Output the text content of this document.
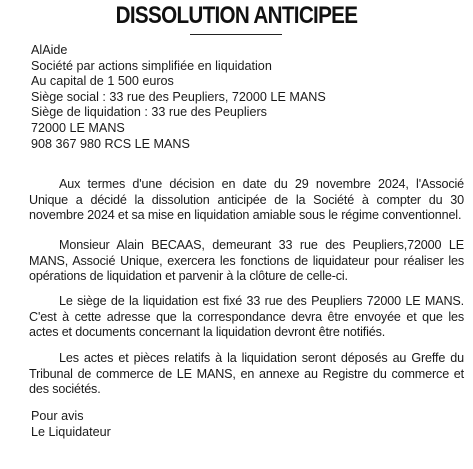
DISSOLUTION ANTICIPEE
AlAide
Société par actions simplifiée en liquidation
Au capital de 1 500 euros
Siège social : 33 rue des Peupliers, 72000 LE MANS
Siège de liquidation : 33 rue des Peupliers
72000 LE MANS
908 367 980 RCS LE MANS

Aux termes d'une décision en date du 29 novembre 2024, l'Associé Unique a décidé la dissolution anticipée de la Société à compter du 30 novembre 2024 et sa mise en liquidation amiable sous le régime conventionnel.

Monsieur Alain BECAAS, demeurant 33 rue des Peupliers,72000 LE MANS, Associé Unique, exercera les fonctions de liquidateur pour réaliser les opérations de liquidation et parvenir à la clôture de celle-ci.

Le siège de la liquidation est fixé 33 rue des Peupliers 72000 LE MANS. C'est à cette adresse que la correspondance devra être envoyée et que les actes et documents concernant la liquidation devront être notifiés.

Les actes et pièces relatifs à la liquidation seront déposés au Greffe du Tribunal de commerce de LE MANS, en annexe au Registre du commerce et des sociétés.

Pour avis
Le Liquidateur
